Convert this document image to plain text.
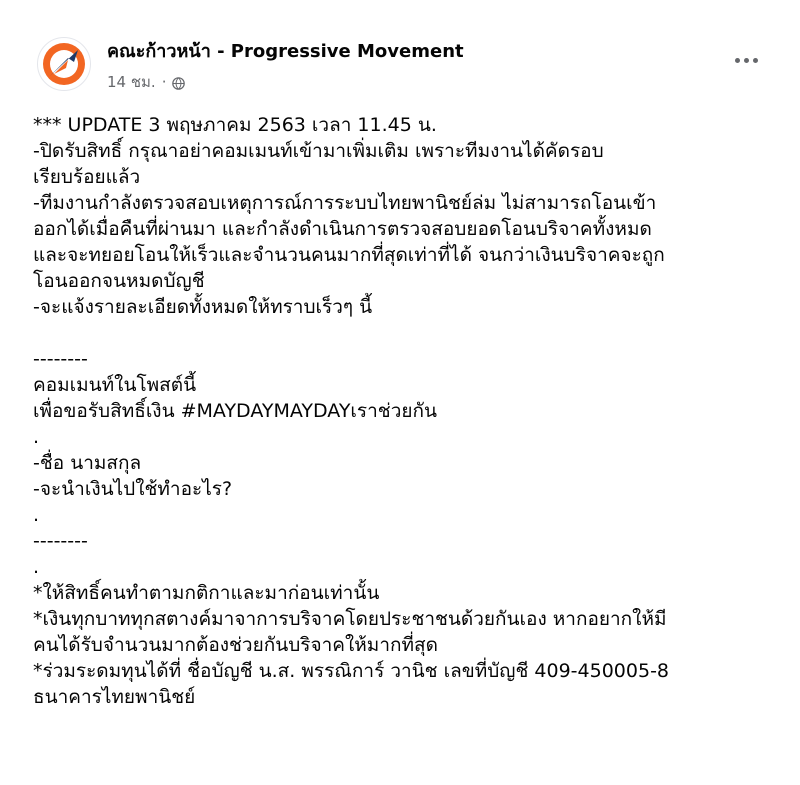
คณะก้าวหน้า - Progressive Movement
14 ชม. ·

*** UPDATE 3 พฤษภาคม 2563 เวลา 11.45 น.

-ปิดรับสิทธิ์ กรุณาอย่าคอมเมนท์เข้ามาเพิ่มเติม เพราะทีมงานได้คัดรอบ

เรียบร้อยแล้ว

-ทีมงานกำลังตรวจสอบเหตุการณ์การระบบไทยพานิชย์ล่ม ไม่สามารถโอนเข้า

ออกได้เมื่อคืนที่ผ่านมา และกำลังดำเนินการตรวจสอบยอดโอนบริจาคทั้งหมด

และจะทยอยโอนให้เร็วและจำนวนคนมากที่สุดเท่าที่ได้ จนกว่าเงินบริจาคจะถูก

โอนออกจนหมดบัญชี

-จะแจ้งรายละเอียดทั้งหมดให้ทราบเร็วๆ นี้

--------

คอมเมนท์ในโพสต์นี้

เพื่อขอรับสิทธิ์เงิน #MAYDAYMAYDAYเราช่วยกัน

.

-ชื่อ นามสกุล

-จะนำเงินไปใช้ทำอะไร?

.

--------

.

*ให้สิทธิ์คนทำตามกติกาและมาก่อนเท่านั้น

*เงินทุกบาททุกสตางค์มาจาการบริจาคโดยประชาชนด้วยกันเอง หากอยากให้มี

คนได้รับจำนวนมากต้องช่วยกันบริจาคให้มากที่สุด

*ร่วมระดมทุนได้ที่ ชื่อบัญชี น.ส. พรรณิการ์ วานิช เลขที่บัญชี 409-450005-8

ธนาคารไทยพานิชย์
